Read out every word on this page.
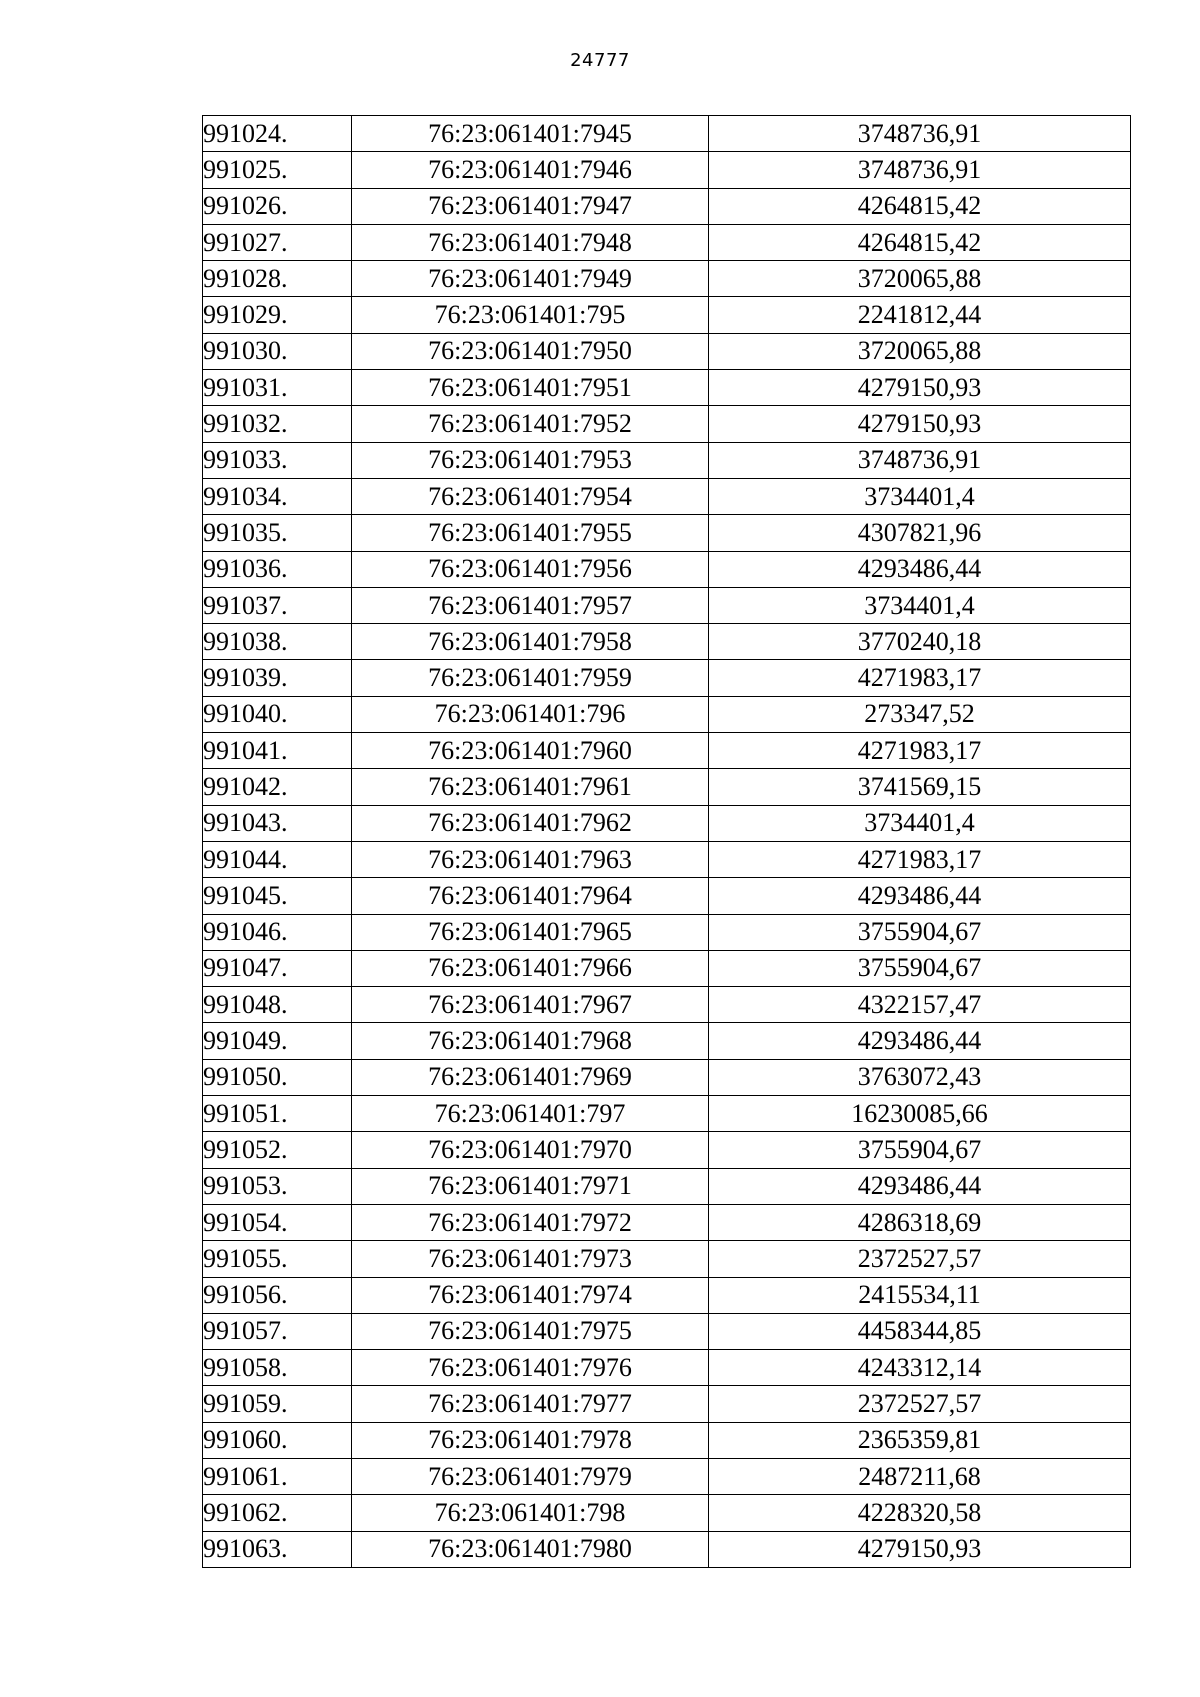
24777
991024.	76:23:061401:7945	3748736,91
991025.	76:23:061401:7946	3748736,91
991026.	76:23:061401:7947	4264815,42
991027.	76:23:061401:7948	4264815,42
991028.	76:23:061401:7949	3720065,88
991029.	76:23:061401:795	2241812,44
991030.	76:23:061401:7950	3720065,88
991031.	76:23:061401:7951	4279150,93
991032.	76:23:061401:7952	4279150,93
991033.	76:23:061401:7953	3748736,91
991034.	76:23:061401:7954	3734401,4
991035.	76:23:061401:7955	4307821,96
991036.	76:23:061401:7956	4293486,44
991037.	76:23:061401:7957	3734401,4
991038.	76:23:061401:7958	3770240,18
991039.	76:23:061401:7959	4271983,17
991040.	76:23:061401:796	273347,52
991041.	76:23:061401:7960	4271983,17
991042.	76:23:061401:7961	3741569,15
991043.	76:23:061401:7962	3734401,4
991044.	76:23:061401:7963	4271983,17
991045.	76:23:061401:7964	4293486,44
991046.	76:23:061401:7965	3755904,67
991047.	76:23:061401:7966	3755904,67
991048.	76:23:061401:7967	4322157,47
991049.	76:23:061401:7968	4293486,44
991050.	76:23:061401:7969	3763072,43
991051.	76:23:061401:797	16230085,66
991052.	76:23:061401:7970	3755904,67
991053.	76:23:061401:7971	4293486,44
991054.	76:23:061401:7972	4286318,69
991055.	76:23:061401:7973	2372527,57
991056.	76:23:061401:7974	2415534,11
991057.	76:23:061401:7975	4458344,85
991058.	76:23:061401:7976	4243312,14
991059.	76:23:061401:7977	2372527,57
991060.	76:23:061401:7978	2365359,81
991061.	76:23:061401:7979	2487211,68
991062.	76:23:061401:798	4228320,58
991063.	76:23:061401:7980	4279150,93
